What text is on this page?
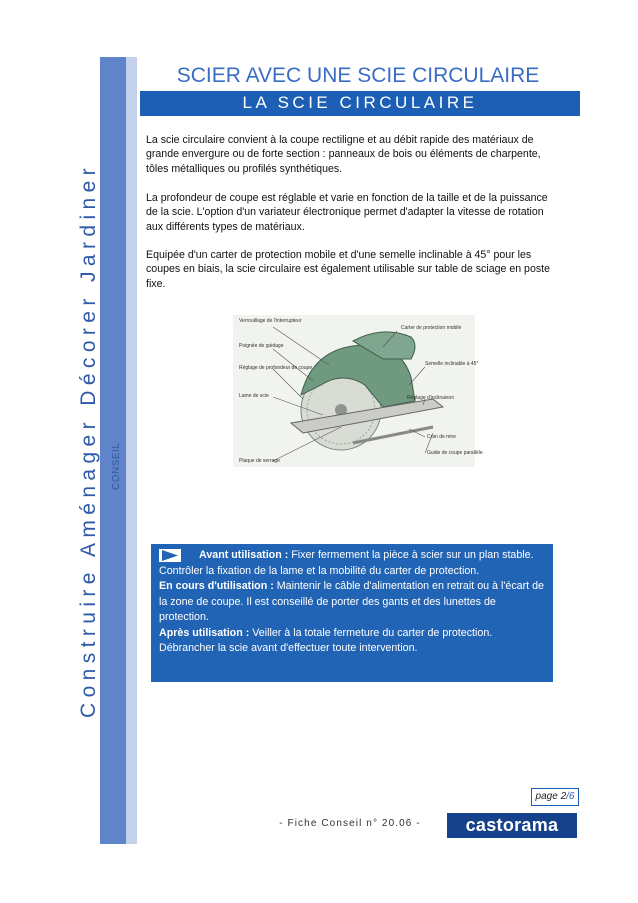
Construire Aménager Décorer Jardiner CONSEIL
SCIER AVEC UNE SCIE CIRCULAIRE
LA SCIE CIRCULAIRE
La scie circulaire convient à la coupe rectiligne et au débit rapide des matériaux de grande envergure ou de forte section : panneaux de bois ou éléments de charpente, tôles métalliques ou profilés synthétiques.
La profondeur de coupe est réglable et varie en fonction de la taille et de la puissance de la scie. L'option d'un variateur électronique permet d'adapter la vitesse de rotation aux différents types de matériaux.
Equipée d'un carter de protection mobile et d'une semelle inclinable à 45° pour les coupes en biais, la scie circulaire est également utilisable sur table de sciage en poste fixe.
Verrouillage de l'interrupteur
Poignée de guidage
Réglage de profondeur de coupe
Lame de scie
Plaque de serrage
Carter de protection mobile
Semelle inclinable à 45°
Réglage d'inclinaison
Cran de mire
Guide de coupe parallèle
Avant utilisation : Fixer fermement la pièce à scier sur un plan stable.
Contrôler la fixation de la lame et la mobilité du carter de protection.
En cours d'utilisation : Maintenir le câble d'alimentation en retrait ou à l'écart de la zone de coupe. Il est conseillé de porter des gants et des lunettes de protection.
Après utilisation : Veiller à la totale fermeture du carter de protection.
Débrancher la scie avant d'effectuer toute intervention.
page 2/6
- Fiche Conseil n° 20.06 -	castorama
